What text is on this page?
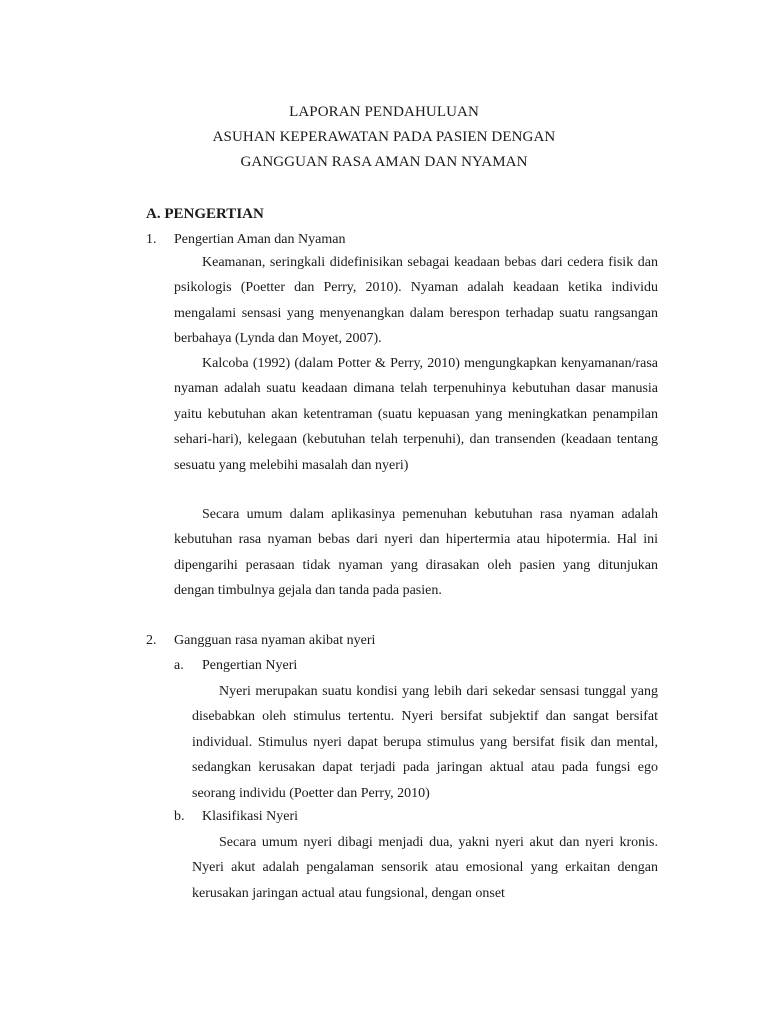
LAPORAN PENDAHULUAN
ASUHAN KEPERAWATAN PADA PASIEN DENGAN
GANGGUAN RASA AMAN DAN NYAMAN
A. PENGERTIAN
1. Pengertian Aman dan Nyaman

Keamanan, seringkali didefinisikan sebagai keadaan bebas dari cedera fisik dan psikologis (Poetter dan Perry, 2010). Nyaman adalah keadaan ketika individu mengalami sensasi yang menyenangkan dalam berespon terhadap suatu rangsangan berbahaya (Lynda dan Moyet, 2007).

Kalcoba (1992) (dalam Potter & Perry, 2010) mengungkapkan kenyamanan/rasa nyaman adalah suatu keadaan dimana telah terpenuhinya kebutuhan dasar manusia yaitu kebutuhan akan ketentraman (suatu kepuasan yang meningkatkan penampilan sehari-hari), kelegaan (kebutuhan telah terpenuhi), dan transenden (keadaan tentang sesuatu yang melebihi masalah dan nyeri)

Secara umum dalam aplikasinya pemenuhan kebutuhan rasa nyaman adalah kebutuhan rasa nyaman bebas dari nyeri dan hipertermia atau hipotermia. Hal ini dipengarihi perasaan tidak nyaman yang dirasakan oleh pasien yang ditunjukan dengan timbulnya gejala dan tanda pada pasien.

2. Gangguan rasa nyaman akibat nyeri
a. Pengertian Nyeri

Nyeri merupakan suatu kondisi yang lebih dari sekedar sensasi tunggal yang disebabkan oleh stimulus tertentu. Nyeri bersifat subjektif dan sangat bersifat individual. Stimulus nyeri dapat berupa stimulus yang bersifat fisik dan mental, sedangkan kerusakan dapat terjadi pada jaringan aktual atau pada fungsi ego seorang individu (Poetter dan Perry, 2010)

b. Klasifikasi Nyeri

Secara umum nyeri dibagi menjadi dua, yakni nyeri akut dan nyeri kronis. Nyeri akut adalah pengalaman sensorik atau emosional yang erkaitan dengan kerusakan jaringan actual atau fungsional, dengan onset
